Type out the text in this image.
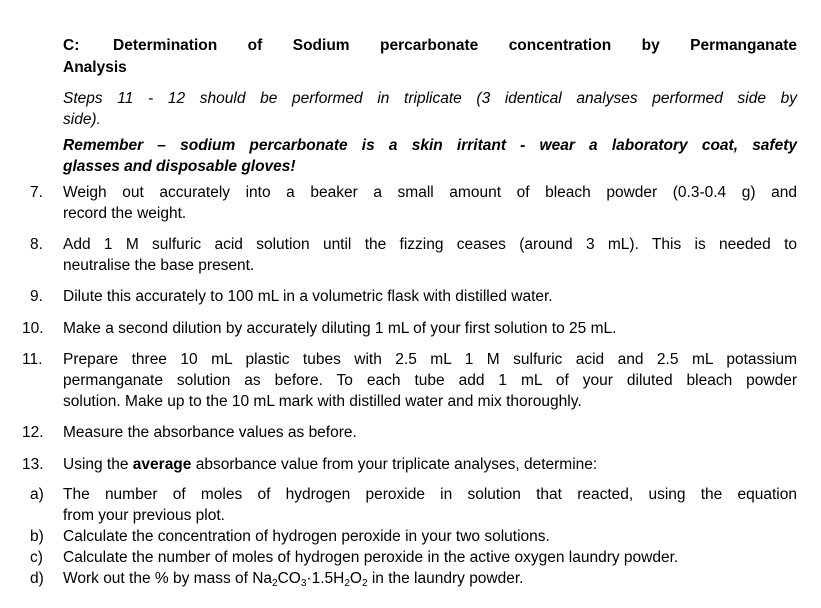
C: Determination of Sodium percarbonate concentration by Permanganate
Analysis
Steps 11 - 12 should be performed in triplicate (3 identical analyses performed side by
side).
Remember – sodium percarbonate is a skin irritant - wear a laboratory coat, safety
glasses and disposable gloves!
7. Weigh out accurately into a beaker a small amount of bleach powder (0.3-0.4 g) and
record the weight.
8. Add 1 M sulfuric acid solution until the fizzing ceases (around 3 mL). This is needed to
neutralise the base present.
9. Dilute this accurately to 100 mL in a volumetric flask with distilled water.
10. Make a second dilution by accurately diluting 1 mL of your first solution to 25 mL.
11. Prepare three 10 mL plastic tubes with 2.5 mL 1 M sulfuric acid and 2.5 mL potassium
permanganate solution as before. To each tube add 1 mL of your diluted bleach powder
solution. Make up to the 10 mL mark with distilled water and mix thoroughly.
12. Measure the absorbance values as before.
13. Using the average absorbance value from your triplicate analyses, determine:
a) The number of moles of hydrogen peroxide in solution that reacted, using the equation
from your previous plot.
b) Calculate the concentration of hydrogen peroxide in your two solutions.
c) Calculate the number of moles of hydrogen peroxide in the active oxygen laundry powder.
d) Work out the % by mass of $Na_2CO_3\cdot 1.5H_2O_2$ in the laundry powder.
